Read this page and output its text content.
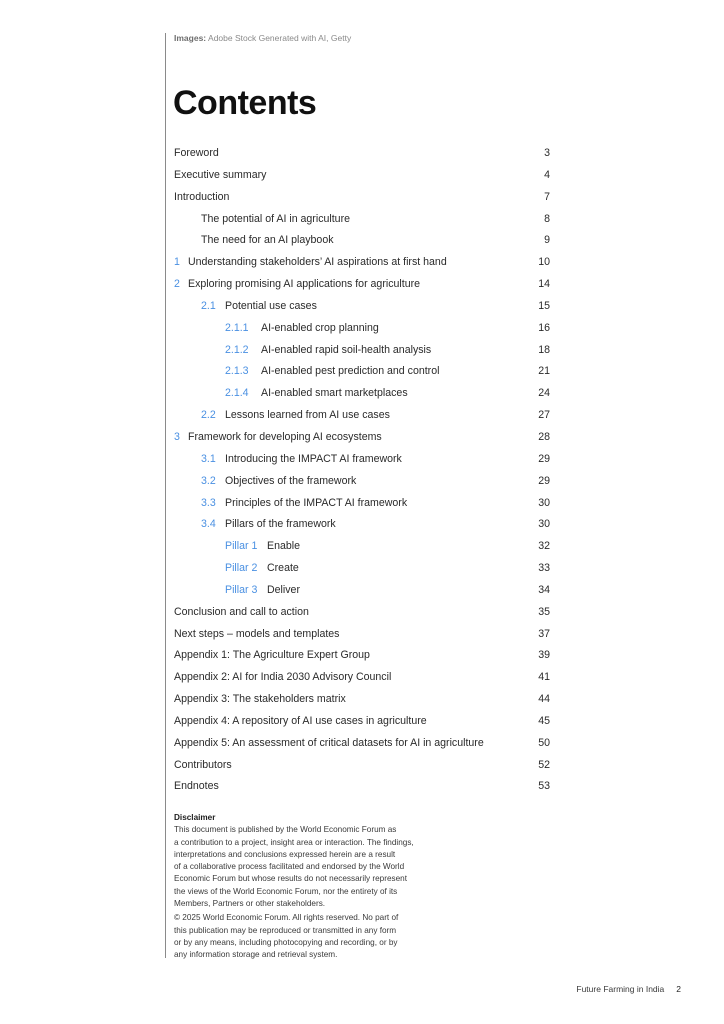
Images: Adobe Stock Generated with AI, Getty
Contents
Foreword	3
Executive summary	4
Introduction	7
The potential of AI in agriculture	8
The need for an AI playbook	9
1 Understanding stakeholders’ AI aspirations at first hand	10
2 Exploring promising AI applications for agriculture	14
2.1 Potential use cases	15
2.1.1 AI-enabled crop planning	16
2.1.2 AI-enabled rapid soil-health analysis	18
2.1.3 AI-enabled pest prediction and control	21
2.1.4 AI-enabled smart marketplaces	24
2.2 Lessons learned from AI use cases	27
3 Framework for developing AI ecosystems	28
3.1 Introducing the IMPACT AI framework	29
3.2 Objectives of the framework	29
3.3 Principles of the IMPACT AI framework	30
3.4 Pillars of the framework	30
Pillar 1 Enable	32
Pillar 2 Create	33
Pillar 3 Deliver	34
Conclusion and call to action	35
Next steps – models and templates	37
Appendix 1: The Agriculture Expert Group	39
Appendix 2: AI for India 2030 Advisory Council	41
Appendix 3: The stakeholders matrix	44
Appendix 4: A repository of AI use cases in agriculture	45
Appendix 5: An assessment of critical datasets for AI in agriculture	50
Contributors	52
Endnotes	53
Disclaimer

This document is published by the World Economic Forum as
a contribution to a project, insight area or interaction. The findings,
interpretations and conclusions expressed herein are a result
of a collaborative process facilitated and endorsed by the World
Economic Forum but whose results do not necessarily represent
the views of the World Economic Forum, nor the entirety of its
Members, Partners or other stakeholders.

© 2025 World Economic Forum. All rights reserved. No part of
this publication may be reproduced or transmitted in any form
or by any means, including photocopying and recording, or by
any information storage and retrieval system.

Future Farming in India 2
